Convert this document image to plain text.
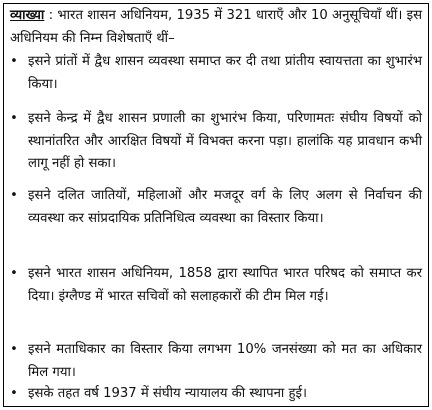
व्याख्या : भारत शासन अधिनियम, 1935 में 321 धाराएँ और 10 अनुसूचियाँ थीं। इस अधिनियम की निम्न विशेषताएँ थीं–
• इसने प्रांतों में द्वैध शासन व्यवस्था समाप्त कर दी तथा प्रांतीय स्वायत्तता का शुभारंभ किया।
• इसने केन्द्र में द्वैध शासन प्रणाली का शुभारंभ किया, परिणामतः संघीय विषयों को स्थानांतरित और आरक्षित विषयों में विभक्त करना पड़ा। हालांकि यह प्रावधान कभी लागू नहीं हो सका।
• इसने दलित जातियों, महिलाओं और मजदूर वर्ग के लिए अलग से निर्वाचन की व्यवस्था कर सांप्रदायिक प्रतिनिधित्व व्यवस्था का विस्तार किया।
• इसने भारत शासन अधिनियम, 1858 द्वारा स्थापित भारत परिषद को समाप्त कर दिया। इंग्लैण्ड में भारत सचिवों को सलाहकारों की टीम मिल गई।
• इसने मताधिकार का विस्तार किया लगभग 10% जनसंख्या को मत का अधिकार मिल गया।
• इसके तहत वर्ष 1937 में संघीय न्यायालय की स्थापना हुई।
